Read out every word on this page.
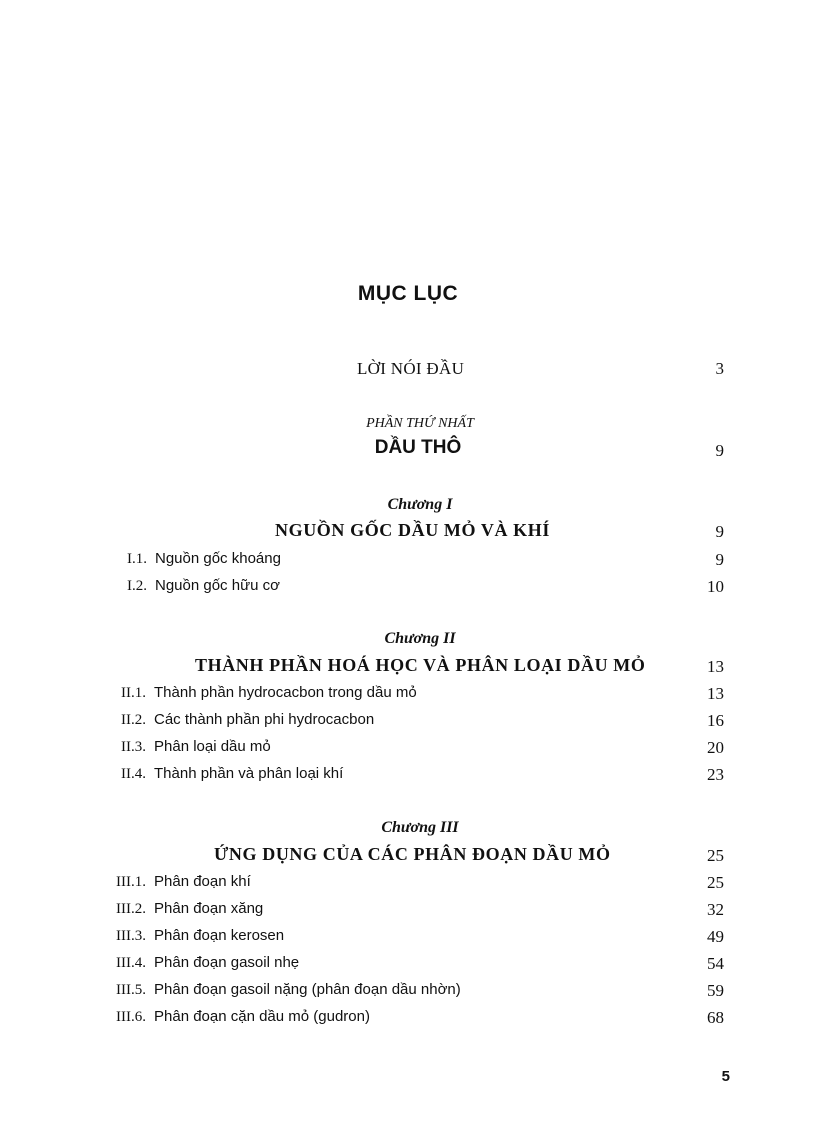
MỤC LỤC
LỜI NÓI ĐẦU	3
PHẦN THỨ NHẤT
DẦU THÔ	9
Chương I
NGUỒN GỐC DẦU MỎ VÀ KHÍ	9
I.1. Nguồn gốc khoáng	9
I.2. Nguồn gốc hữu cơ	10
Chương II
THÀNH PHẦN HOÁ HỌC VÀ PHÂN LOẠI DẦU MỎ	13
II.1. Thành phần hydrocacbon trong dầu mỏ	13
II.2. Các thành phần phi hydrocacbon	16
II.3. Phân loại dầu mỏ	20
II.4. Thành phần và phân loại khí	23
Chương III
ỨNG DỤNG CỦA CÁC PHÂN ĐOẠN DẦU MỎ	25
III.1. Phân đoạn khí	25
III.2. Phân đoạn xăng	32
III.3. Phân đoạn kerosen	49
III.4. Phân đoạn gasoil nhẹ	54
III.5. Phân đoạn gasoil nặng (phân đoạn dầu nhờn)	59
III.6. Phân đoạn cặn dầu mỏ (gudron)	68
5
